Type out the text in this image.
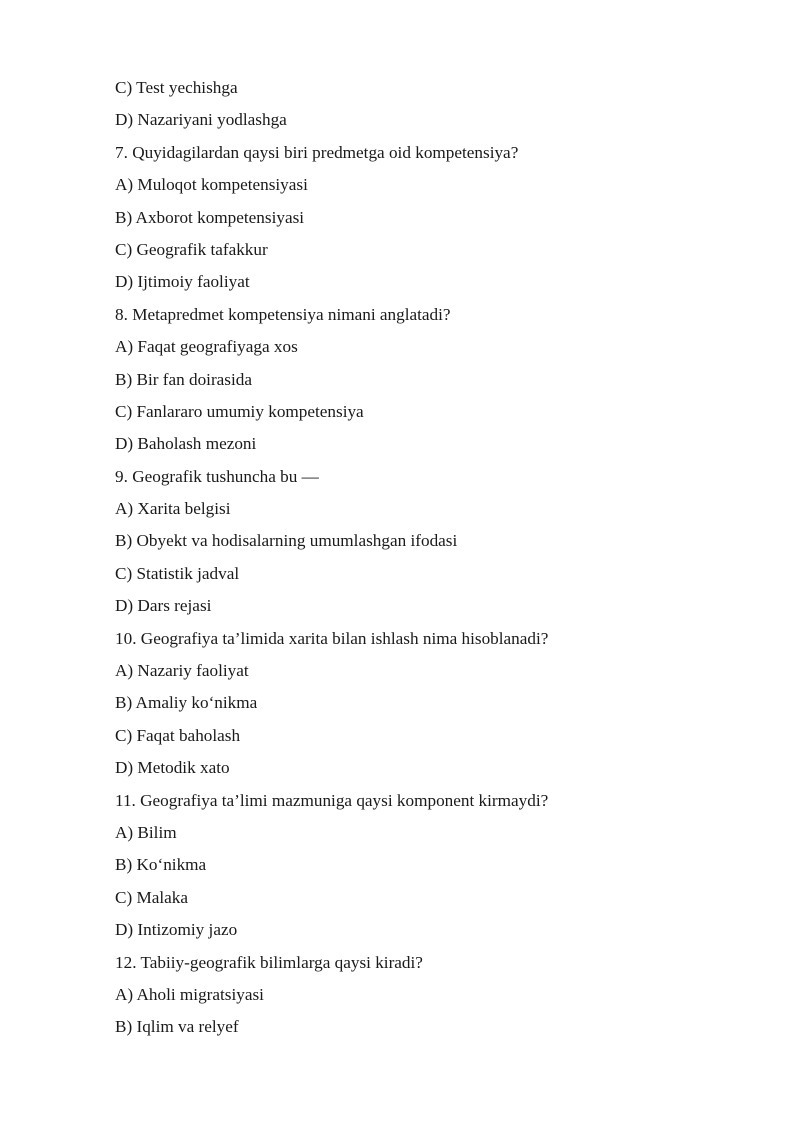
C) Test yechishga
D) Nazariyani yodlashga
7. Quyidagilardan qaysi biri predmetga oid kompetensiya?
A) Muloqot kompetensiyasi
B) Axborot kompetensiyasi
C) Geografik tafakkur
D) Ijtimoiy faoliyat
8. Metapredmet kompetensiya nimani anglatadi?
A) Faqat geografiyaga xos
B) Bir fan doirasida
C) Fanlararo umumiy kompetensiya
D) Baholash mezoni
9. Geografik tushuncha bu —
A) Xarita belgisi
B) Obyekt va hodisalarning umumlashgan ifodasi
C) Statistik jadval
D) Dars rejasi
10. Geografiya ta’limida xarita bilan ishlash nima hisoblanadi?
A) Nazariy faoliyat
B) Amaliy ko‘nikma
C) Faqat baholash
D) Metodik xato
11. Geografiya ta’limi mazmuniga qaysi komponent kirmaydi?
A) Bilim
B) Ko‘nikma
C) Malaka
D) Intizomiy jazo
12. Tabiiy-geografik bilimlarga qaysi kiradi?
A) Aholi migratsiyasi
B) Iqlim va relyef
